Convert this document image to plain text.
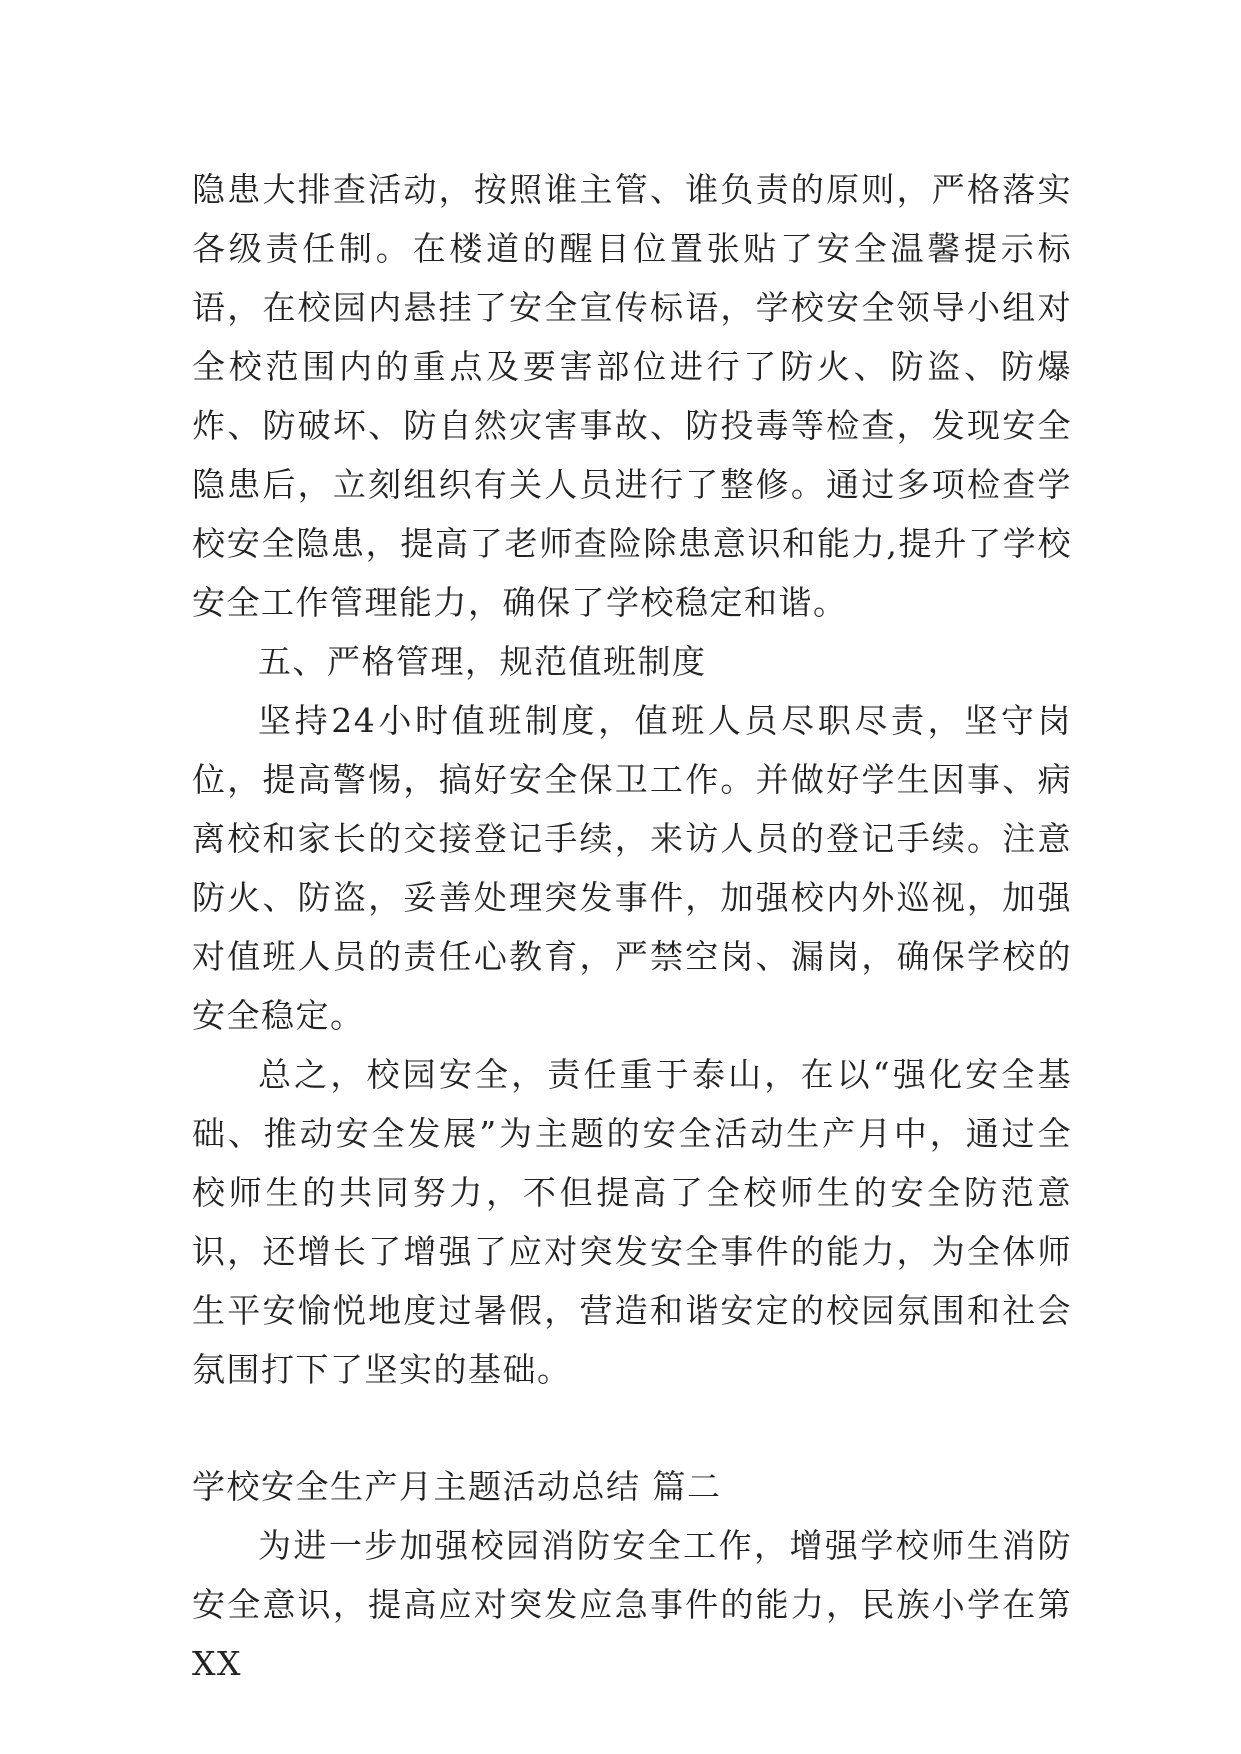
隐患大排查活动，按照谁主管、谁负责的原则，严格落实各级责任制。在楼道的醒目位置张贴了安全温馨提示标语，在校园内悬挂了安全宣传标语，学校安全领导小组对全校范围内的重点及要害部位进行了防火、防盗、防爆炸、防破坏、防自然灾害事故、防投毒等检查，发现安全隐患后，立刻组织有关人员进行了整修。通过多项检查学校安全隐患，提高了老师查险除患意识和能力,提升了学校安全工作管理能力，确保了学校稳定和谐。

五、严格管理，规范值班制度

坚持24小时值班制度，值班人员尽职尽责，坚守岗位，提高警惕，搞好安全保卫工作。并做好学生因事、病离校和家长的交接登记手续，来访人员的登记手续。注意防火、防盗，妥善处理突发事件，加强校内外巡视，加强对值班人员的责任心教育，严禁空岗、漏岗，确保学校的安全稳定。

总之，校园安全，责任重于泰山，在以“强化安全基础、推动安全发展”为主题的安全活动生产月中，通过全校师生的共同努力，不但提高了全校师生的安全防范意识，还增长了增强了应对突发安全事件的能力，为全体师生平安愉悦地度过暑假，营造和谐安定的校园氛围和社会氛围打下了坚实的基础。

学校安全生产月主题活动总结 篇二

为进一步加强校园消防安全工作，增强学校师生消防安全意识，提高应对突发应急事件的能力，民族小学在第XX
